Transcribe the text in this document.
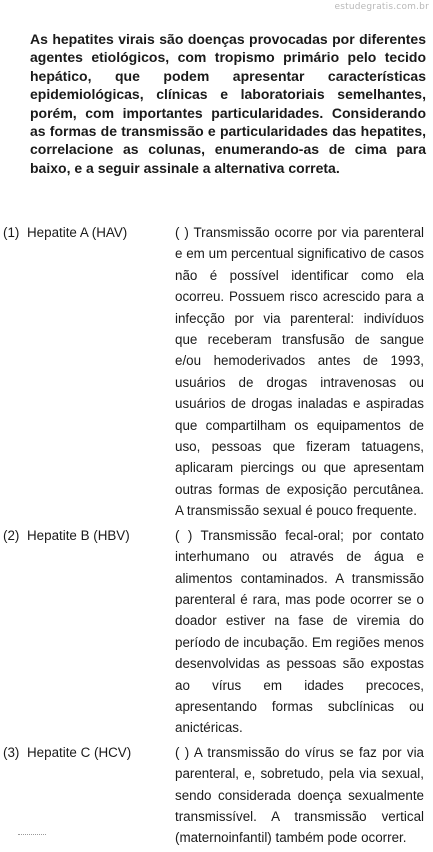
estudegratis.com.br

As hepatites virais são doenças provocadas por diferentes agentes etiológicos, com tropismo primário pelo tecido hepático, que podem apresentar características epidemiológicas, clínicas e laboratoriais semelhantes, porém, com importantes particularidades. Considerando as formas de transmissão e particularidades das hepatites, correlacione as colunas, enumerando-as de cima para baixo, e a seguir assinale a alternativa correta.

(1) Hepatite A (HAV)	( ) Transmissão ocorre por via parenteral e em um percentual significativo de casos não é possível identificar como ela ocorreu. Possuem risco acrescido para a infecção por via parenteral: indivíduos que receberam transfusão de sangue e/ou hemoderivados antes de 1993, usuários de drogas intravenosas ou usuários de drogas inaladas e aspiradas que compartilham os equipamentos de uso, pessoas que fizeram tatuagens, aplicaram piercings ou que apresentam outras formas de exposição percutânea. A transmissão sexual é pouco frequente.
(2) Hepatite B (HBV)	( ) Transmissão fecal-oral; por contato interhumano ou através de água e alimentos contaminados. A transmissão parenteral é rara, mas pode ocorrer se o doador estiver na fase de viremia do período de incubação. Em regiões menos desenvolvidas as pessoas são expostas ao vírus em idades precoces, apresentando formas subclínicas ou anictéricas.
(3) Hepatite C (HCV)	( ) A transmissão do vírus se faz por via parenteral, e, sobretudo, pela via sexual, sendo considerada doença sexualmente transmissível. A transmissão vertical (maternoinfantil) também pode ocorrer.
